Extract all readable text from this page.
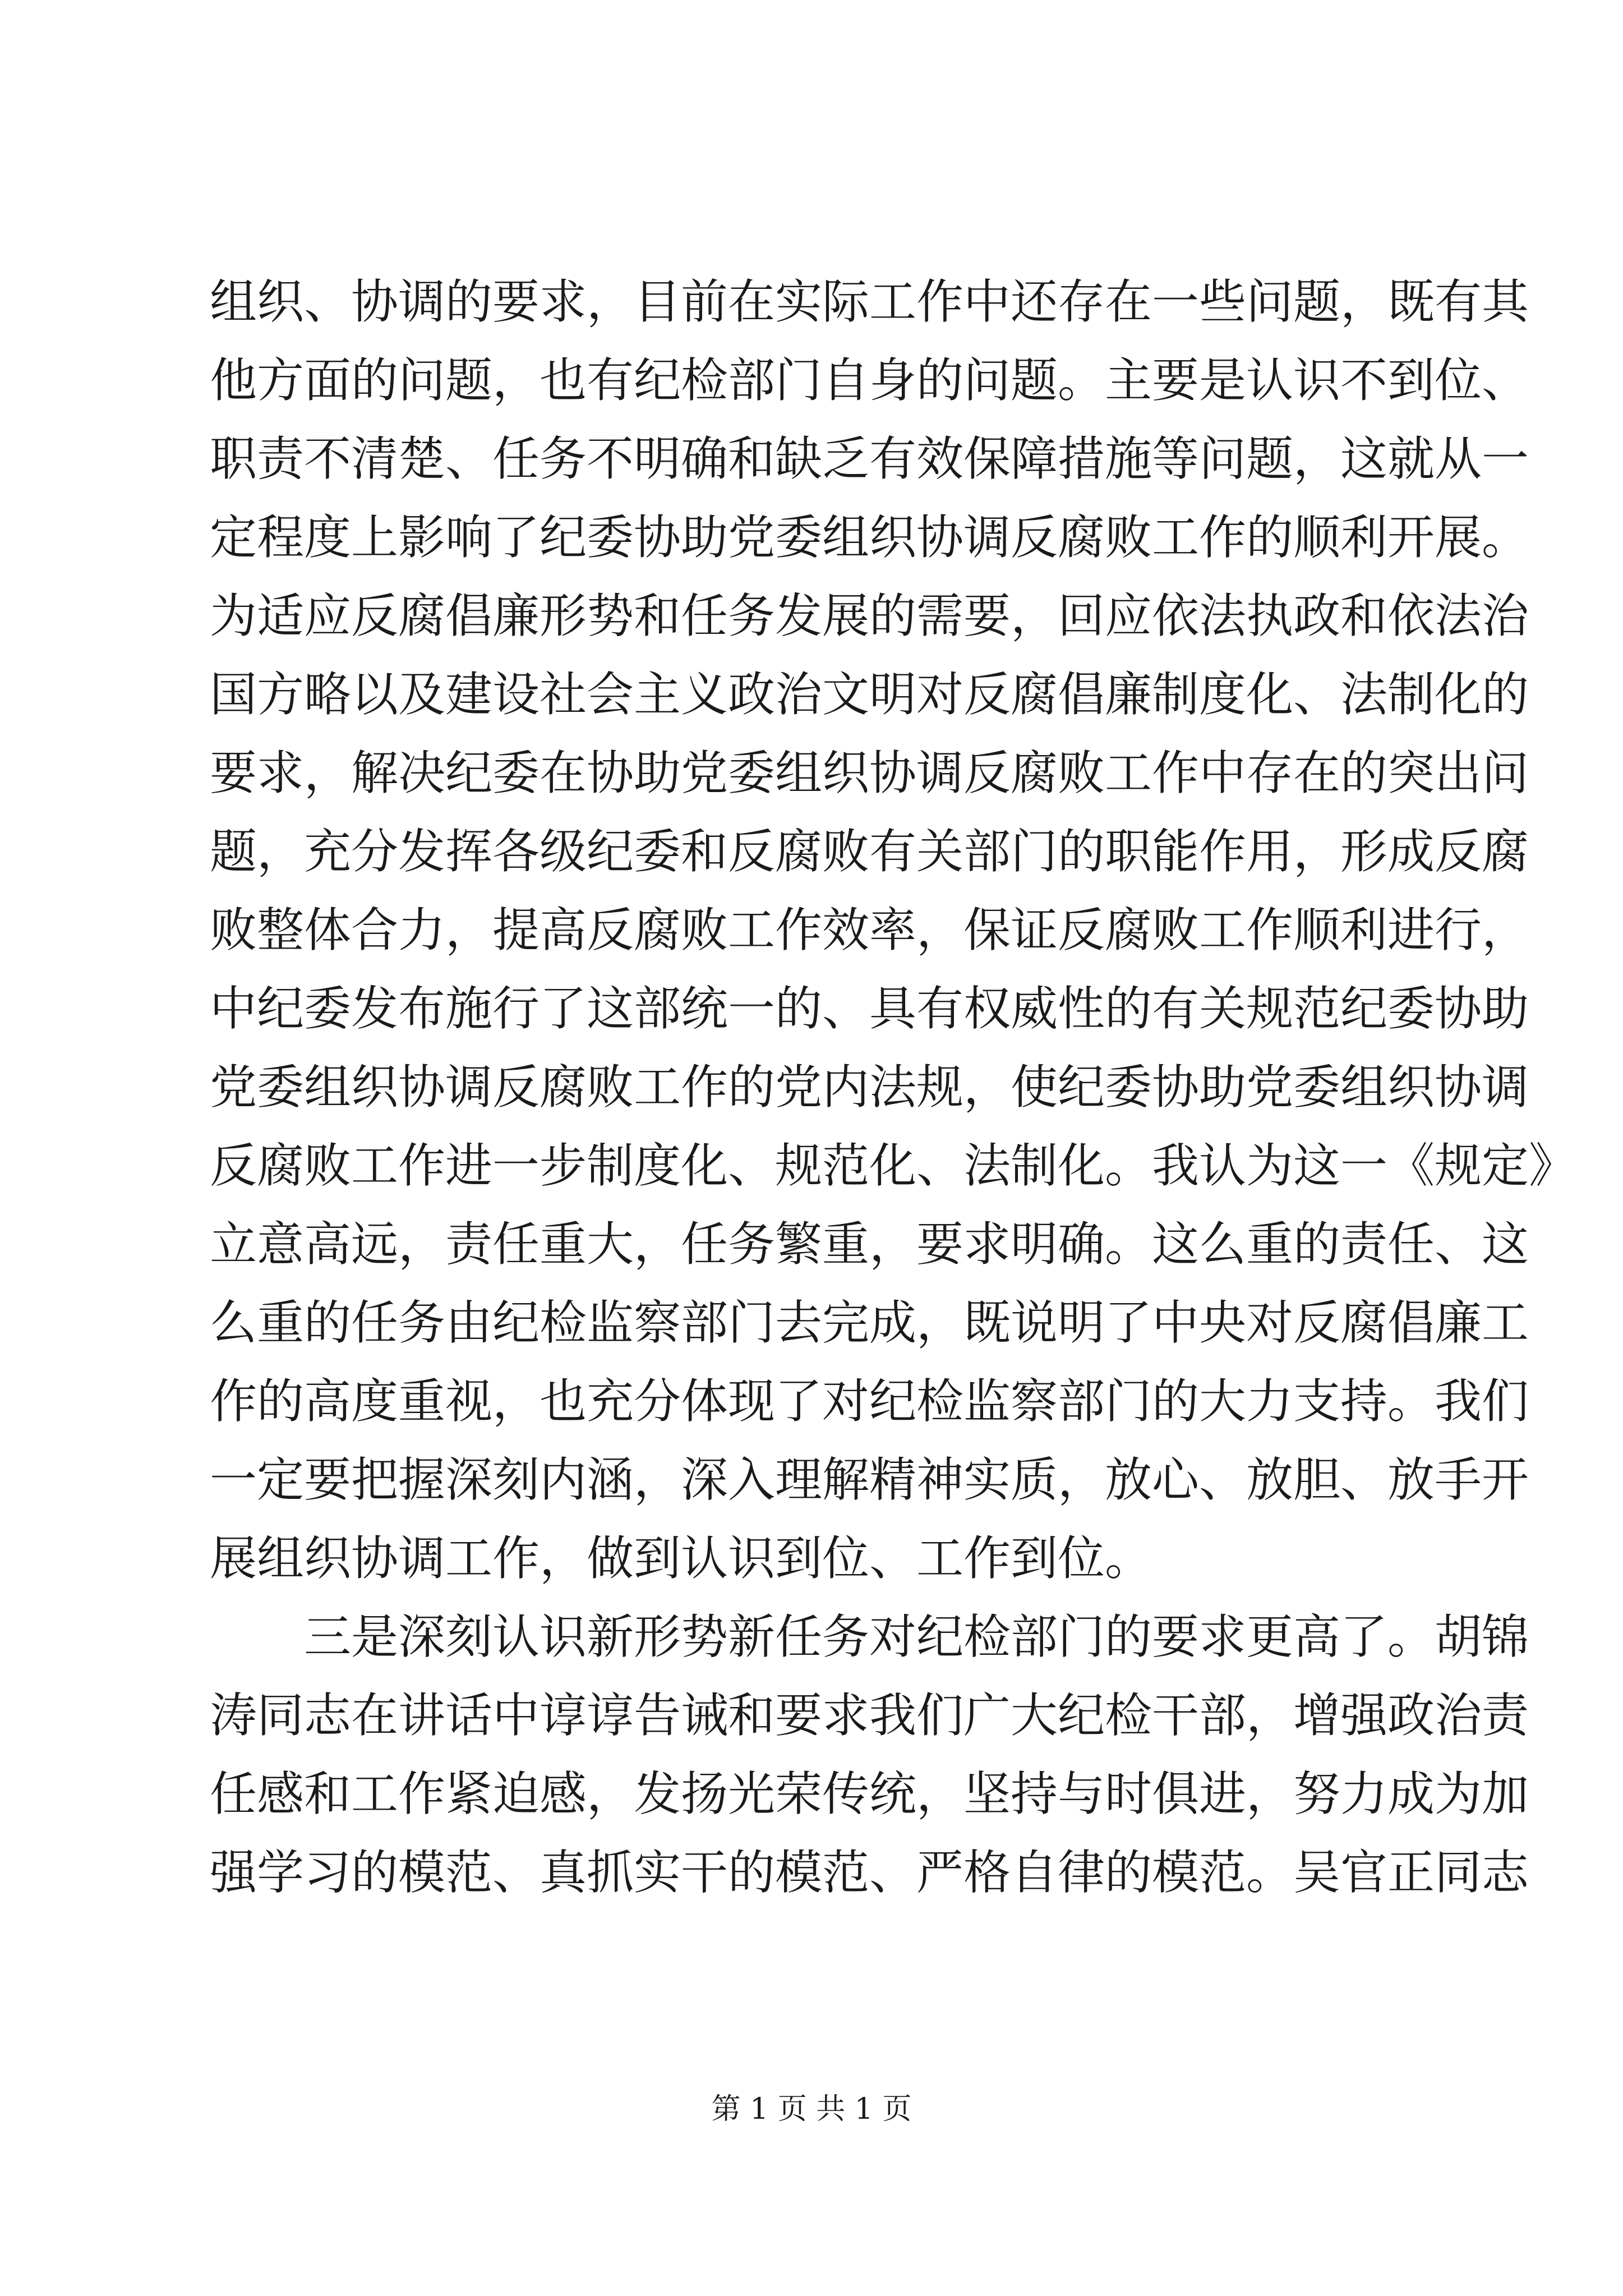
组织、协调的要求，目前在实际工作中还存在一些问题，既有其
他方面的问题，也有纪检部门自身的问题。主要是认识不到位、
职责不清楚、任务不明确和缺乏有效保障措施等问题，这就从一
定程度上影响了纪委协助党委组织协调反腐败工作的顺利开展。
为适应反腐倡廉形势和任务发展的需要，回应依法执政和依法治
国方略以及建设社会主义政治文明对反腐倡廉制度化、法制化的
要求，解决纪委在协助党委组织协调反腐败工作中存在的突出问
题，充分发挥各级纪委和反腐败有关部门的职能作用，形成反腐
败整体合力，提高反腐败工作效率，保证反腐败工作顺利进行，
中纪委发布施行了这部统一的、具有权威性的有关规范纪委协助
党委组织协调反腐败工作的党内法规，使纪委协助党委组织协调
反腐败工作进一步制度化、规范化、法制化。我认为这一《规定》
立意高远，责任重大，任务繁重，要求明确。这么重的责任、这
么重的任务由纪检监察部门去完成，既说明了中央对反腐倡廉工
作的高度重视，也充分体现了对纪检监察部门的大力支持。我们
一定要把握深刻内涵，深入理解精神实质，放心、放胆、放手开
展组织协调工作，做到认识到位、工作到位。
三是深刻认识新形势新任务对纪检部门的要求更高了。胡锦
涛同志在讲话中谆谆告诫和要求我们广大纪检干部，增强政治责
任感和工作紧迫感，发扬光荣传统，坚持与时俱进，努力成为加
强学习的模范、真抓实干的模范、严格自律的模范。吴官正同志
第 1 页 共 1 页
